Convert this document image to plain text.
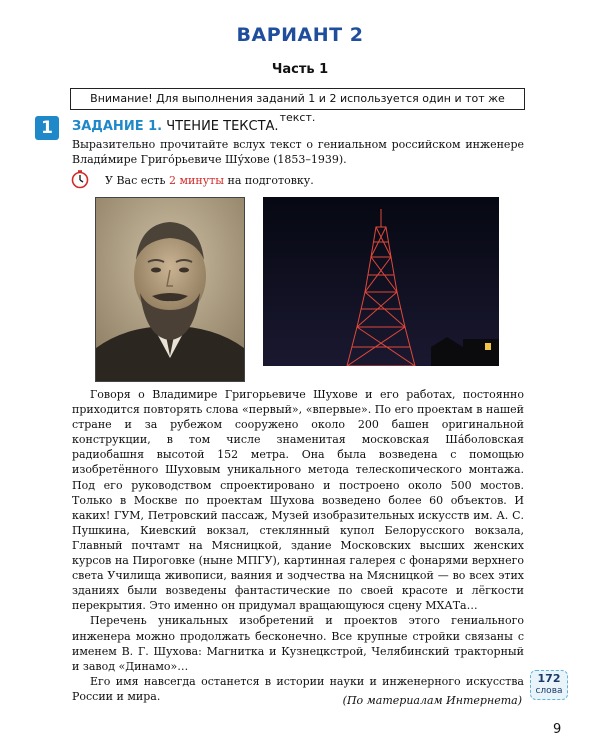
ВАРИАНТ 2
Часть 1
Внимание! Для выполнения заданий 1 и 2 используется один и тот же текст.
1	ЗАДАНИЕ 1. ЧТЕНИЕ ТЕКСТА.
Выразительно прочитайте вслух текст о гениальном российском инженере Влади́мире Григо́рьевиче Шу́хове (1853–1939).
У Вас есть 2 минуты на подготовку.

Говоря о Владимире Григорьевиче Шухове и его работах, постоянно приходится повторять слова «первый», «впервые». По его проектам в нашей стране и за рубежом сооружено около 200 башен оригинальной конструкции, в том числе знаменитая московская Ша́боловская радиобашня высотой 152 метра. Она была возведена с помощью изобретённого Шуховым уникального метода телескопического монтажа. Под его руководством спроектировано и построено около 500 мостов. Только в Москве по проектам Шухова возведено более 60 объектов. И каких! ГУМ, Петровский пассаж, Музей изобразительных искусств им. А. С. Пушкина, Киевский вокзал, стеклянный купол Белорусского вокзала, Главный почтамт на Мясницкой, здание Московских высших женских курсов на Пироговке (ныне МПГУ), картинная галерея с фонарями верхнего света Училища живописи, ваяния и зодчества на Мясницкой — во всех этих зданиях были возведены фантастические по своей красоте и лёгкости перекрытия. Это именно он придумал вращающуюся сцену МХАТа…

Перечень уникальных изобретений и проектов этого гениального инженера можно продолжать бесконечно. Все крупные стройки связаны с именем В. Г. Шухова: Магнитка и Кузнецкстрой, Челябинский тракторный и завод «Динамо»…

Его имя навсегда останется в истории науки и инженерного искусства России и мира.	(По материалам Интернета)
172
слова
9
